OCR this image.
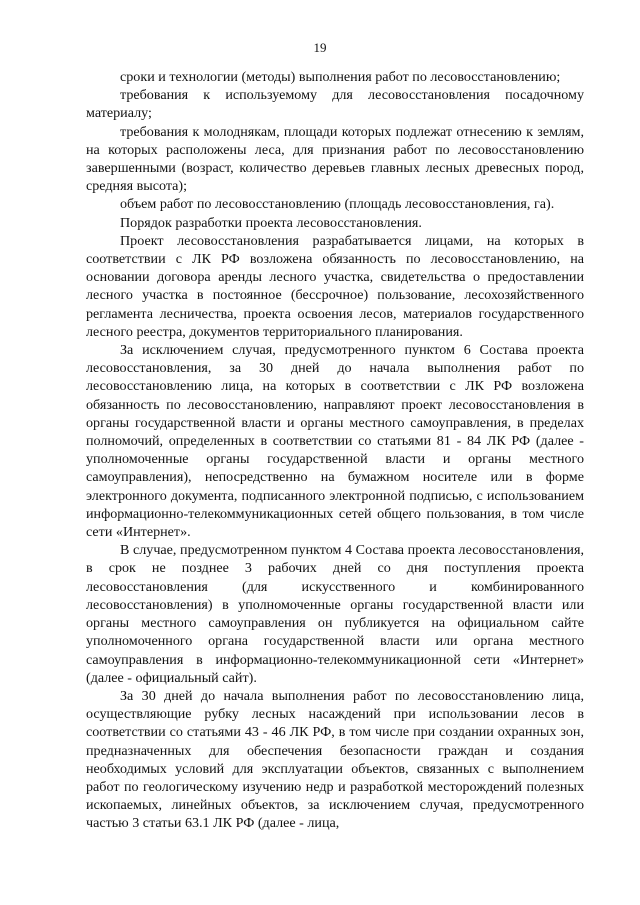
19

сроки и технологии (методы) выполнения работ по лесовосстановлению;

требования к используемому для лесовосстановления посадочному материалу;

требования к молоднякам, площади которых подлежат отнесению к землям, на которых расположены леса, для признания работ по лесовосстановлению завершенными (возраст, количество деревьев главных лесных древесных пород, средняя высота);

объем работ по лесовосстановлению (площадь лесовосстановления, га).

Порядок разработки проекта лесовосстановления.

Проект лесовосстановления разрабатывается лицами, на которых в соответствии с ЛК РФ возложена обязанность по лесовосстановлению, на основании договора аренды лесного участка, свидетельства о предоставлении лесного участка в постоянное (бессрочное) пользование, лесохозяйственного регламента лесничества, проекта освоения лесов, материалов государственного лесного реестра, документов территориального планирования.

За исключением случая, предусмотренного пунктом 6 Состава проекта лесовосстановления, за 30 дней до начала выполнения работ по лесовосстановлению лица, на которых в соответствии с ЛК РФ возложена обязанность по лесовосстановлению, направляют проект лесовосстановления в органы государственной власти и органы местного самоуправления, в пределах полномочий, определенных в соответствии со статьями 81 - 84 ЛК РФ (далее - уполномоченные органы государственной власти и органы местного самоуправления), непосредственно на бумажном носителе или в форме электронного документа, подписанного электронной подписью, с использованием информационно-телекоммуникационных сетей общего пользования, в том числе сети «Интернет».

В случае, предусмотренном пунктом 4 Состава проекта лесовосстановления, в срок не позднее 3 рабочих дней со дня поступления проекта лесовосстановления (для искусственного и комбинированного лесовосстановления) в уполномоченные органы государственной власти или органы местного самоуправления он публикуется на официальном сайте уполномоченного органа государственной власти или органа местного самоуправления в информационно-телекоммуникационной сети «Интернет» (далее - официальный сайт).

За 30 дней до начала выполнения работ по лесовосстановлению лица, осуществляющие рубку лесных насаждений при использовании лесов в соответствии со статьями 43 - 46 ЛК РФ, в том числе при создании охранных зон, предназначенных для обеспечения безопасности граждан и создания необходимых условий для эксплуатации объектов, связанных с выполнением работ по геологическому изучению недр и разработкой месторождений полезных ископаемых, линейных объектов, за исключением случая, предусмотренного частью 3 статьи 63.1 ЛК РФ (далее - лица,
